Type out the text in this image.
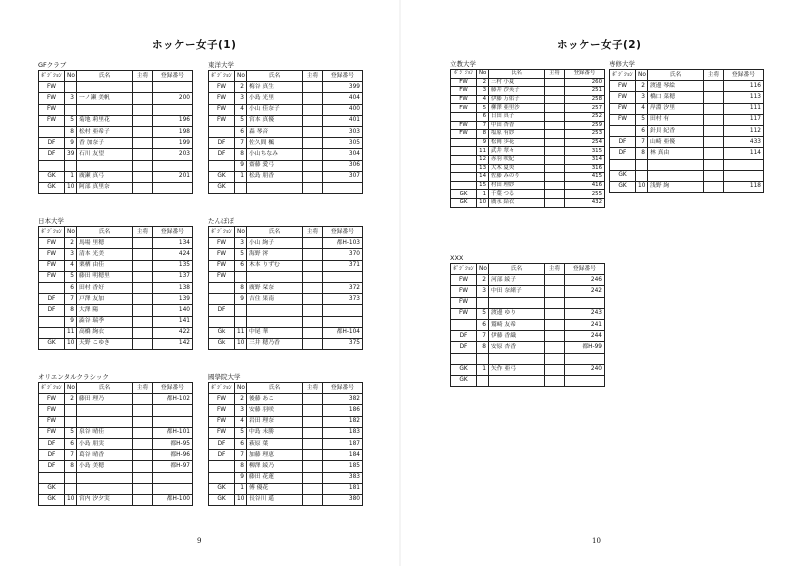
ホッケー女子(1)
GFクラブ
ﾎﾟｼﾞｼｮﾝ	No	氏名	主将	登録番号
FW				
FW	3	一ノ瀬 美帆		200
FW				
FW	5	菊地 莉里花		196
	8	松村 亜希子		198
DF	9	香 加奈子		199
DF	39	石川 友望		203

GK	1	廣瀬 真弓		201
GK	10	阿部 真里奈		
東洋大学
ﾎﾟｼﾞｼｮﾝ	No	氏名	主将	登録番号
FW	2	梅谷 真生		399
FW	3	小島 光里		404
FW	4	小山 佳奈子		400
FW	5	宮本 真優		401
	6	森 琴音		303
DF	7	佐久間 楓		305
DF	8	小山ちなみ		304
	9	齋藤 愛弓		306
GK	1	松島 朋香		307
GK				
日本大学
ﾎﾟｼﾞｼｮﾝ	No	氏名	主将	登録番号
FW	2	馬場 里穂		134
FW	3	清本 光美		424
FW	4	栗栖 由佳		135
FW	5	藤田 明穂里		137
	6	田村 香好		138
DF	7	戸澤 友加		139
DF	8	大澤 陽		140
	9	澁谷 瑞季		141
	11	高橋 絢衣		422
GK	10	天野 こゆき		142
たんぽぽ
ﾎﾟｼﾞｼｮﾝ	No	氏名	主将	登録番号
FW	3	小山 絢子		都H-103
FW	5	海野 澪		370
FW	6	木本 りずむ		371
FW				
	8	廣野 栞奈		372
	9	吉住 果南		373
DF				

Gk	11	中尾 華		都H-104
Gk	10	三井 穂乃香		375
オリエンタルクラシック
ﾎﾟｼﾞｼｮﾝ	No	氏名	主将	登録番号
FW	2	藤田 理乃		都H-102
FW				
FW				
FW	5	泉谷 晴佳		都H-101
DF	6	小島 朋実		都H-95
DF	7	葛谷 晴香		都H-96
DF	8	小島 美穂		都H-97

GK				
GK	10	宮内 汐夕実		都H-100
國學院大学
ﾎﾟｼﾞｼｮﾝ	No	氏名	主将	登録番号
FW	2	後藤 あこ		382
FW	3	安藤 羽咲		186
FW	4	岩田 理奈		182
FW	5	中島 未勝		183
DF	6	萩原 葉		187
DF	7	加藤 理恵		184
	8	柳澤 綾乃		185
	9	藤田 花蓮		383
GK	1	傅 優花		181
GK	10	長谷川 遥		380
9
ホッケー女子(2)
立教大学
ﾎﾟｼﾞｼｮﾝ	No	氏名	主将	登録番号
FW	2	三村 小夏		260
FW	3	藤井 沙英子		251
FW	4	伊藤 万佑子		258
FW	5	柳澤 亜里沙		257
	6	日田 真子		252
FW	7	中田 杏香		259
FW	8	塩原 有紗		253
	9	松岡 歩花		254
	11	武井 翠々		315
	12	赤羽 咲紀		314
	13	大木 夏央		316
	14	佐藤 みのり		415
	15	村田 理紗		416
GK	1	千葉 つる		255
GK	10	廣永 結衣		432
専修大学
ﾎﾟｼﾞｼｮﾝ	No	氏名	主将	登録番号
FW	2	渡邊 琴絵		116
FW	3	橋口 菜穂		113
FW	4	岸淵 汐里		111
FW	5	田村 有		117
	6	針貝 紀香		112
DF	7	山崎 亜優		433
DF	8	林 真由		114

GK				
GK	10	浅野 絢		118
XXX
ﾎﾟｼﾞｼｮﾝ	No	氏名	主将	登録番号
FW	2	河部 綾子		246
FW	3	中田 奈緒子		242
FW				
FW	5	渡邊 ゆり		243
	6	鷲崎 友希		241
DF	7	伊藤 香織		244
DF	8	安原 杏香		都H-99

GK	1	矢作 亜弓		240
GK				
10
